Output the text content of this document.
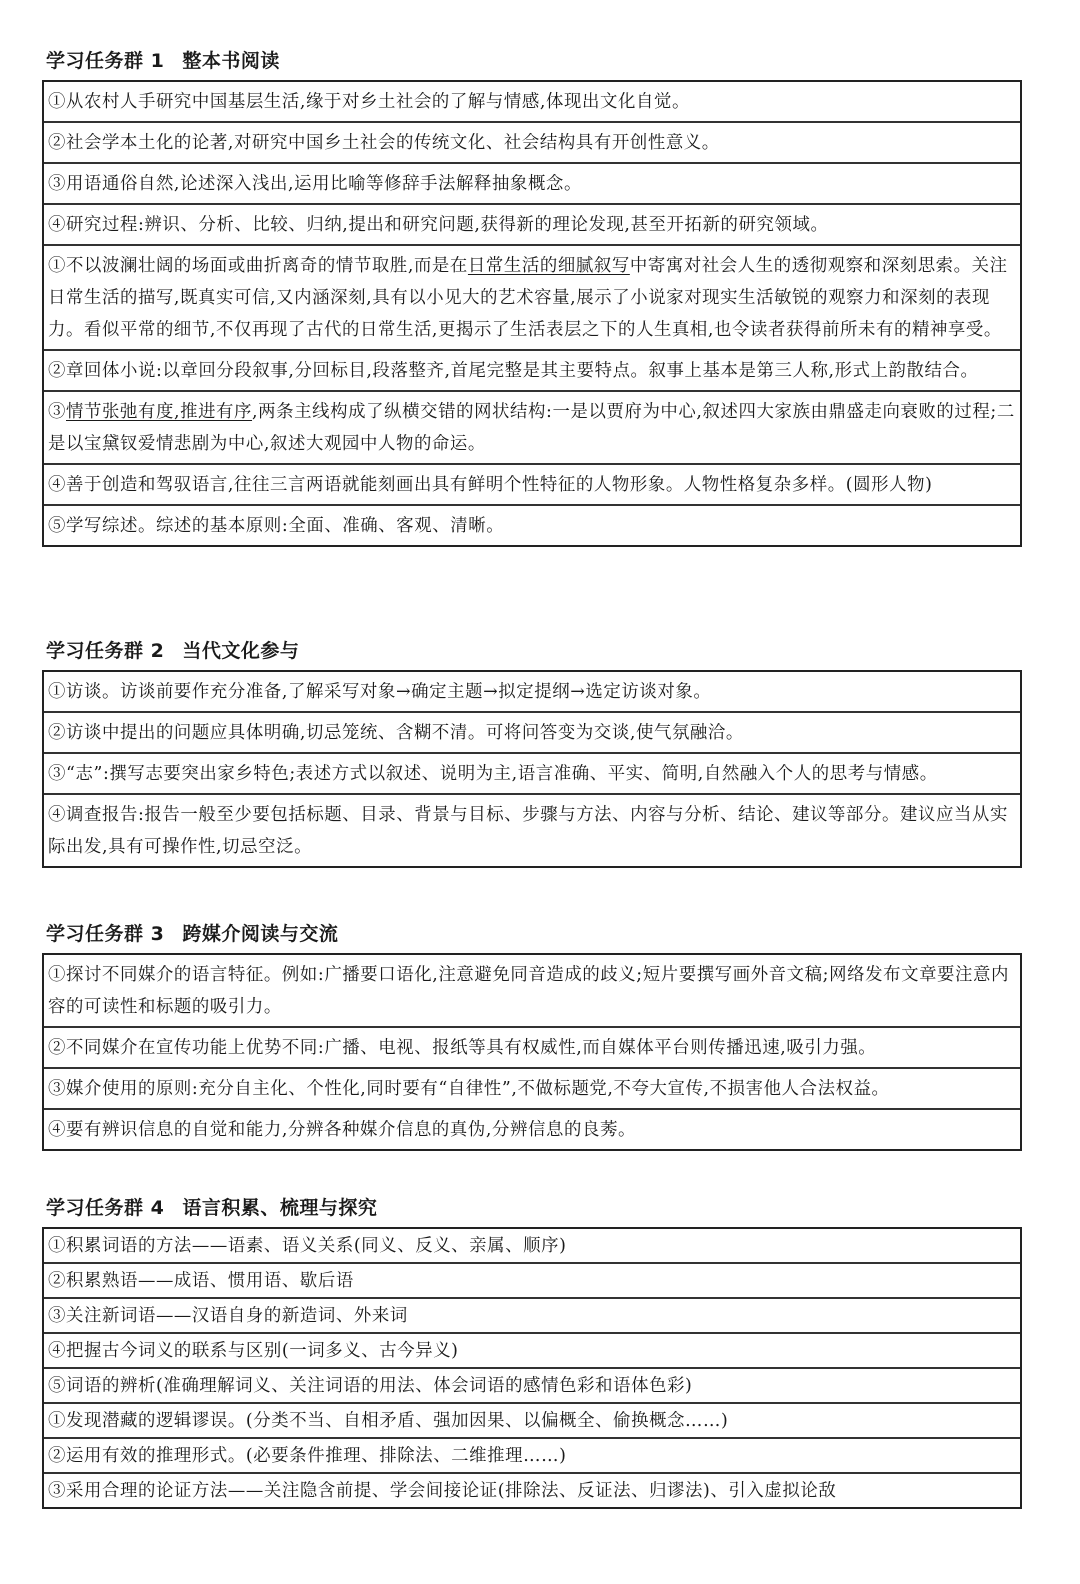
学习任务群 1 整本书阅读
①从农村人手研究中国基层生活,缘于对乡土社会的了解与情感,体现出文化自觉。
②社会学本土化的论著,对研究中国乡土社会的传统文化、社会结构具有开创性意义。
③用语通俗自然,论述深入浅出,运用比喻等修辞手法解释抽象概念。
④研究过程:辨识、分析、比较、归纳,提出和研究问题,获得新的理论发现,甚至开拓新的研究领域。
①不以波澜壮阔的场面或曲折离奇的情节取胜,而是在日常生活的细腻叙写中寄寓对社会人生的透彻观察和深刻思索。关注日常生活的描写,既真实可信,又内涵深刻,具有以小见大的艺术容量,展示了小说家对现实生活敏锐的观察力和深刻的表现力。看似平常的细节,不仅再现了古代的日常生活,更揭示了生活表层之下的人生真相,也令读者获得前所未有的精神享受。
②章回体小说:以章回分段叙事,分回标目,段落整齐,首尾完整是其主要特点。叙事上基本是第三人称,形式上韵散结合。
③情节张弛有度,推进有序,两条主线构成了纵横交错的网状结构:一是以贾府为中心,叙述四大家族由鼎盛走向衰败的过程;二是以宝黛钗爱情悲剧为中心,叙述大观园中人物的命运。
④善于创造和驾驭语言,往往三言两语就能刻画出具有鲜明个性特征的人物形象。人物性格复杂多样。(圆形人物)
⑤学写综述。综述的基本原则:全面、准确、客观、清晰。
学习任务群 2 当代文化参与
①访谈。访谈前要作充分准备,了解采写对象→确定主题→拟定提纲→选定访谈对象。
②访谈中提出的问题应具体明确,切忌笼统、含糊不清。可将问答变为交谈,使气氛融洽。
③“志”:撰写志要突出家乡特色;表述方式以叙述、说明为主,语言准确、平实、简明,自然融入个人的思考与情感。
④调查报告:报告一般至少要包括标题、目录、背景与目标、步骤与方法、内容与分析、结论、建议等部分。建议应当从实际出发,具有可操作性,切忌空泛。
学习任务群 3 跨媒介阅读与交流
①探讨不同媒介的语言特征。例如:广播要口语化,注意避免同音造成的歧义;短片要撰写画外音文稿;网络发布文章要注意内容的可读性和标题的吸引力。
②不同媒介在宣传功能上优势不同:广播、电视、报纸等具有权威性,而自媒体平台则传播迅速,吸引力强。
③媒介使用的原则:充分自主化、个性化,同时要有“自律性”,不做标题党,不夸大宣传,不损害他人合法权益。
④要有辨识信息的自觉和能力,分辨各种媒介信息的真伪,分辨信息的良莠。
学习任务群 4 语言积累、梳理与探究
①积累词语的方法——语素、语义关系(同义、反义、亲属、顺序)
②积累熟语——成语、惯用语、歇后语
③关注新词语——汉语自身的新造词、外来词
④把握古今词义的联系与区别(一词多义、古今异义)
⑤词语的辨析(准确理解词义、关注词语的用法、体会词语的感情色彩和语体色彩)
①发现潜藏的逻辑谬误。(分类不当、自相矛盾、强加因果、以偏概全、偷换概念……)
②运用有效的推理形式。(必要条件推理、排除法、二维推理……)
③采用合理的论证方法——关注隐含前提、学会间接论证(排除法、反证法、归谬法)、引入虚拟论敌
